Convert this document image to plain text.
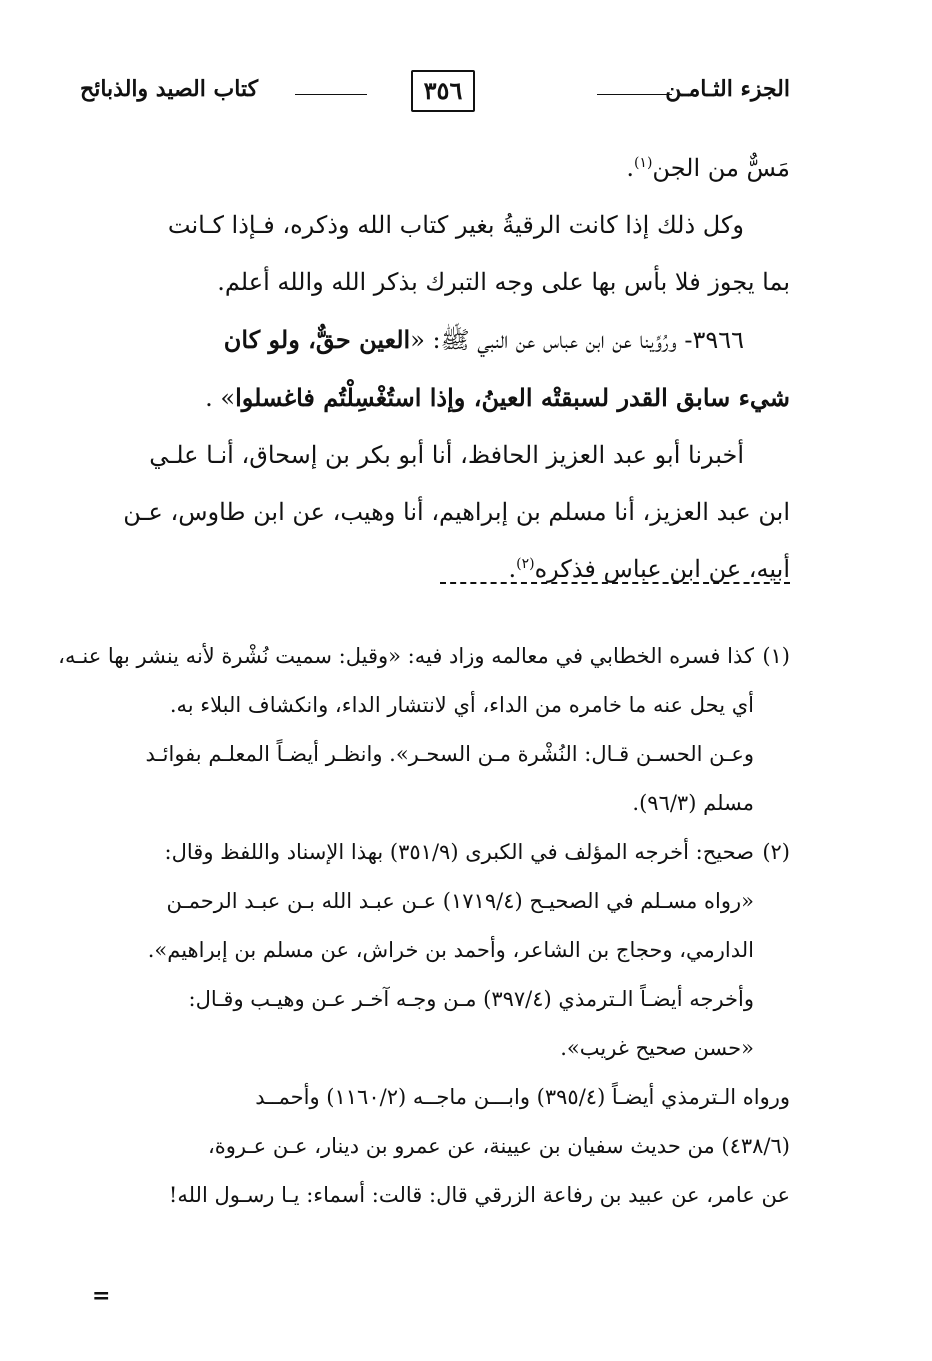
الجزء الثـامـن
٣٥٦
كتاب الصيد والذبائح

مَسٌّ من الجن$^{(١)}$.

وكل ذلك إذا كانت الرقيةُ بغير كتاب الله وذكره، فـإذا كـانت

بما يجوز فلا بأس بها على وجه التبرك بذكر الله والله أعلم.

٣٩٦٦- ورُوِّينا عن ابن عباس عن النبي ﷺ: «العين حقٌّ، ولو كان

شيء سابق القدر لسبقتْه العينُ، وإذا استُغْسِلْتُم فاغسلوا» .

أخبرنا أبو عبد العزيز الحافظ، أنا أبو بكر بن إسحاق، أنـا علـي

ابن عبد العزيز، أنا مسلم بن إبراهيم، أنا وهيب، عن ابن طاوس، عـن
أبيه، عن ابن عباس فذكره$^{(٢)}$.

(١)كذا فسره الخطابي في معالمه وزاد فيه: «وقيل: سميت نُشْرة لأنه ينشر بها عنـه،
أي يحل عنه ما خامره من الداء، أي لانتشار الداء، وانكشاف البلاء به.
وعـن الحسـن قـال: النُشْرة مـن السحـر». وانظـر أيضـاً المعلـم بفوائـد
مسلم (٩٦/٣).
(٢)صحيح: أخرجه المؤلف في الكبرى (٣٥١/٩) بهذا الإسناد واللفظ وقال:
«رواه مسـلم في الصحيـح (١٧١٩/٤) عـن عبـد الله بـن عبـد الرحمـن
الدارمي، وحجاج بن الشاعر، وأحمد بن خراش، عن مسلم بن إبراهيم».
وأخرجه أيضـاً الـترمذي (٣٩٧/٤) مـن وجـه آخـر عـن وهيـب وقـال:
«حسن صحيح غريب».
ورواه الـترمذي أيضـاً (٣٩٥/٤) وابـــن ماجــه (١١٦٠/٢) وأحمــد
(٤٣٨/٦) من حديث سفيان بن عيينة، عن عمرو بن دينار، عـن عـروة،
عن عامر، عن عبيد بن رفاعة الزرقي قال: قالت: أسماء: يـا رسـول الله!
=
